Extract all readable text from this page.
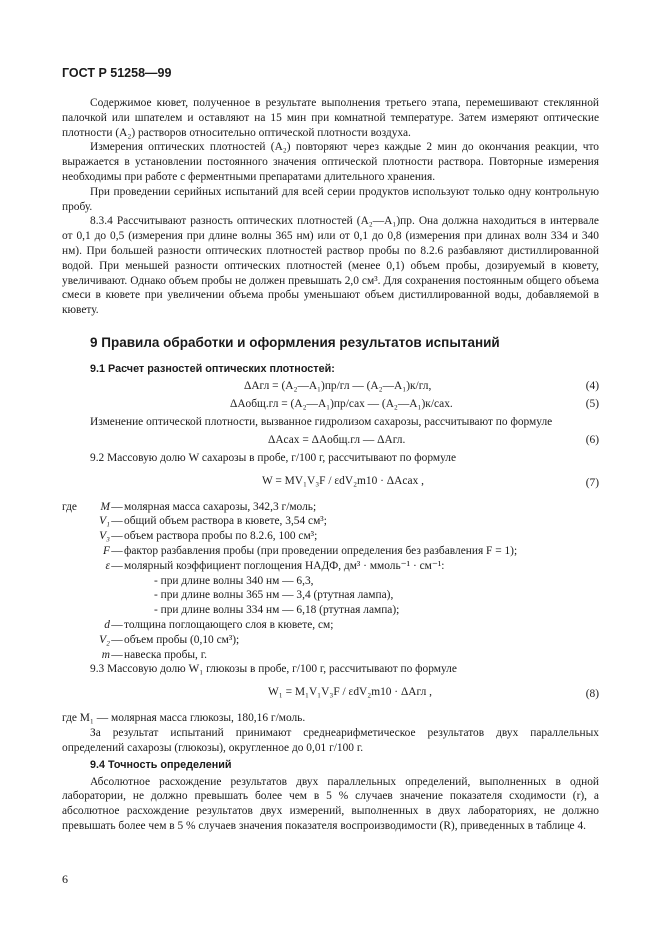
ГОСТ Р 51258—99

Содержимое кювет, полученное в результате выполнения третьего этапа, перемешивают стеклянной палочкой или шпателем и оставляют на 15 мин при комнатной температуре. Затем измеряют оптические плотности (A₂) растворов относительно оптической плотности воздуха.

Измерения оптических плотностей (A₂) повторяют через каждые 2 мин до окончания реакции, что выражается в установлении постоянного значения оптической плотности раствора. Повторные измерения необходимы при работе с ферментными препаратами длительного хранения.

При проведении серийных испытаний для всей серии продуктов используют только одну контрольную пробу.

8.3.4 Рассчитывают разность оптических плотностей (A₂—A₁)пр. Она должна находиться в интервале от 0,1 до 0,5 (измерения при длине волны 365 нм) или от 0,1 до 0,8 (измерения при длинах волн 334 и 340 нм). При большей разности оптических плотностей раствор пробы по 8.2.6 разбавляют дистиллированной водой. При меньшей разности оптических плотностей (менее 0,1) объем пробы, дозируемый в кювету, увеличивают. Однако объем пробы не должен превышать 2,0 см³. Для сохранения постоянным общего объема смеси в кювете при увеличении объема пробы уменьшают объем дистиллированной воды, добавляемой в кювету.

9 Правила обработки и оформления результатов испытаний
9.1 Расчет разностей оптических плотностей:
ΔAгл = (A₂—A₁)пр/гл — (A₂—A₁)к/гл,	(4)
ΔAобщ.гл = (A₂—A₁)пр/сах — (A₂—A₁)к/сах.	(5)

Изменение оптической плотности, вызванное гидролизом сахарозы, рассчитывают по формуле

ΔAсах = ΔAобщ.гл — ΔAгл.	(6)

9.2 Массовую долю W сахарозы в пробе, г/100 г, рассчитывают по формуле

W = MV₁V₃F / εdV₂m10 · ΔAсах ,	(7)
где	M — молярная масса сахарозы, 342,3 г/моль;
V₁ — общий объем раствора в кювете, 3,54 см³;
V₃ — объем раствора пробы по 8.2.6, 100 см³;
F — фактор разбавления пробы (при проведении определения без разбавления F = 1);
ε — молярный коэффициент поглощения НАДФ, дм³ · ммоль⁻¹ · см⁻¹:
- при длине волны 340 нм — 6,3,
- при длине волны 365 нм — 3,4 (ртутная лампа),
- при длине волны 334 нм — 6,18 (ртутная лампа);
d — толщина поглощающего слоя в кювете, см;
V₂ — объем пробы (0,10 см³);
m — навеска пробы, г.

9.3 Массовую долю W₁ глюкозы в пробе, г/100 г, рассчитывают по формуле

W₁ = M₁V₁V₃F / εdV₂m10 · ΔAгл ,	(8)

где M₁ — молярная масса глюкозы, 180,16 г/моль.

За результат испытаний принимают среднеарифметическое результатов двух параллельных определений сахарозы (глюкозы), округленное до 0,01 г/100 г.

9.4 Точность определений

Абсолютное расхождение результатов двух параллельных определений, выполненных в одной лаборатории, не должно превышать более чем в 5 % случаев значение показателя сходимости (r), а абсолютное расхождение результатов двух измерений, выполненных в двух лабораториях, не должно превышать более чем в 5 % случаев значения показателя воспроизводимости (R), приведенных в таблице 4.

6
